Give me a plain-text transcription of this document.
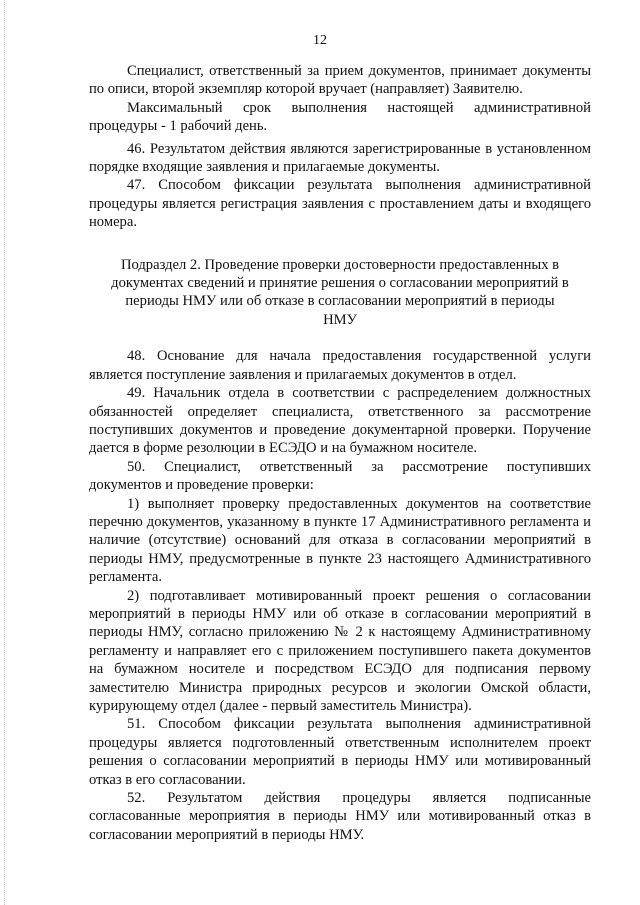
12

Специалист, ответственный за прием документов, принимает документы по описи, второй экземпляр которой вручает (направляет) Заявителю.

Максимальный срок выполнения настоящей административной процедуры - 1 рабочий день.

46. Результатом действия являются зарегистрированные в установленном порядке входящие заявления и прилагаемые документы.

47. Способом фиксации результата выполнения административной процедуры является регистрация заявления с проставлением даты и входящего номера.

Подраздел 2. Проведение проверки достоверности предоставленных в документах сведений и принятие решения о согласовании мероприятий в периоды НМУ или об отказе в согласовании мероприятий в периоды НМУ

48. Основание для начала предоставления государственной услуги является поступление заявления и прилагаемых документов в отдел.

49. Начальник отдела в соответствии с распределением должностных обязанностей определяет специалиста, ответственного за рассмотрение поступивших документов и проведение документарной проверки. Поручение дается в форме резолюции в ЕСЭДО и на бумажном носителе.

50. Специалист, ответственный за рассмотрение поступивших документов и проведение проверки:

1) выполняет проверку предоставленных документов на соответствие перечню документов, указанному в пункте 17 Административного регламента и наличие (отсутствие) оснований для отказа в согласовании мероприятий в периоды НМУ, предусмотренные в пункте 23 настоящего Административного регламента.

2) подготавливает мотивированный проект решения о согласовании мероприятий в периоды НМУ или об отказе в согласовании мероприятий в периоды НМУ, согласно приложению № 2 к настоящему Административному регламенту и направляет его с приложением поступившего пакета документов на бумажном носителе и посредством ЕСЭДО для подписания первому заместителю Министра природных ресурсов и экологии Омской области, курирующему отдел (далее - первый заместитель Министра).

51. Способом фиксации результата выполнения административной процедуры является подготовленный ответственным исполнителем проект решения о согласовании мероприятий в периоды НМУ или мотивированный отказ в его согласовании.

52. Результатом действия процедуры является подписанные согласованные мероприятия в периоды НМУ или мотивированный отказ в согласовании мероприятий в периоды НМУ.
